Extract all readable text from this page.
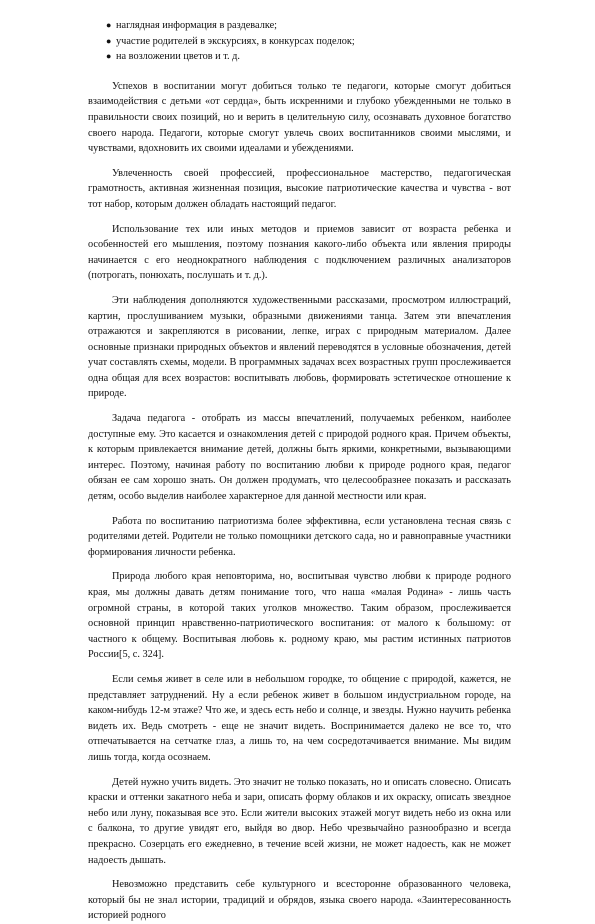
● наглядная информация в раздевалке;
● участие родителей в экскурсиях, в конкурсах поделок;
● на возложении цветов и т. д.

Успехов в воспитании могут добиться только те педагоги, которые смогут добиться взаимодействия с детьми «от сердца», быть искренними и глубоко убежденными не только в правильности своих позиций, но и верить в целительную силу, осознавать духовное богатство своего народа. Педагоги, которые смогут увлечь своих воспитанников своими мыслями, и чувствами, вдохновить их своими идеалами и убеждениями.

Увлеченность своей профессией, профессиональное мастерство, педагогическая грамотность, активная жизненная позиция, высокие патриотические качества и чувства - вот тот набор, которым должен обладать настоящий педагог.

Использование тех или иных методов и приемов зависит от возраста ребенка и особенностей его мышления, поэтому познания какого-либо объекта или явления природы начинается с его неоднократного наблюдения с подключением различных анализаторов (потрогать, понюхать, послушать и т. д.).

Эти наблюдения дополняются художественными рассказами, просмотром иллюстраций, картин, прослушиванием музыки, образными движениями танца. Затем эти впечатления отражаются и закрепляются в рисовании, лепке, играх с природным материалом. Далее основные признаки природных объектов и явлений переводятся в условные обозначения, детей учат составлять схемы, модели. В программных задачах всех возрастных групп прослеживается одна общая для всех возрастов: воспитывать любовь, формировать эстетическое отношение к природе.

Задача педагога - отобрать из массы впечатлений, получаемых ребенком, наиболее доступные ему. Это касается и ознакомления детей с природой родного края. Причем объекты, к которым привлекается внимание детей, должны быть яркими, конкретными, вызывающими интерес. Поэтому, начиная работу по воспитанию любви к природе родного края, педагог обязан ее сам хорошо знать. Он должен продумать, что целесообразнее показать и рассказать детям, особо выделив наиболее характерное для данной местности или края.

Работа по воспитанию патриотизма более эффективна, если установлена тесная связь с родителями детей. Родители не только помощники детского сада, но и равноправные участники формирования личности ребенка.

Природа любого края неповторима, но, воспитывая чувство любви к природе родного края, мы должны давать детям понимание того, что наша «малая Родина» - лишь часть огромной страны, в которой таких уголков множество. Таким образом, прослеживается основной принцип нравственно-патриотического воспитания: от малого к большому: от частного к общему. Воспитывая любовь к. родному краю, мы растим истинных патриотов России[5, с. 324].

Если семья живет в селе или в небольшом городке, то общение с природой, кажется, не представляет затруднений. Ну а если ребенок живет в большом индустриальном городе, на каком-нибудь 12-м этаже? Что же, и здесь есть небо и солнце, и звезды. Нужно научить ребенка видеть их. Ведь смотреть - еще не значит видеть. Воспринимается далеко не все то, что отпечатывается на сетчатке глаз, а лишь то, на чем сосредотачивается внимание. Мы видим лишь тогда, когда осознаем.

Детей нужно учить видеть. Это значит не только показать, но и описать словесно. Описать краски и оттенки закатного неба и зари, описать форму облаков и их окраску, описать звездное небо или луну, показывая все это. Если жители высоких этажей могут видеть небо из окна или с балкона, то другие увидят его, выйдя во двор. Небо чрезвычайно разнообразно и всегда прекрасно. Созерцать его ежедневно, в течение всей жизни, не может надоесть, как не может надоесть дышать.

Невозможно представить себе культурного и всесторонне образованного человека, который бы не знал истории, традиций и обрядов, языка своего народа. «Заинтересованность историей родного
